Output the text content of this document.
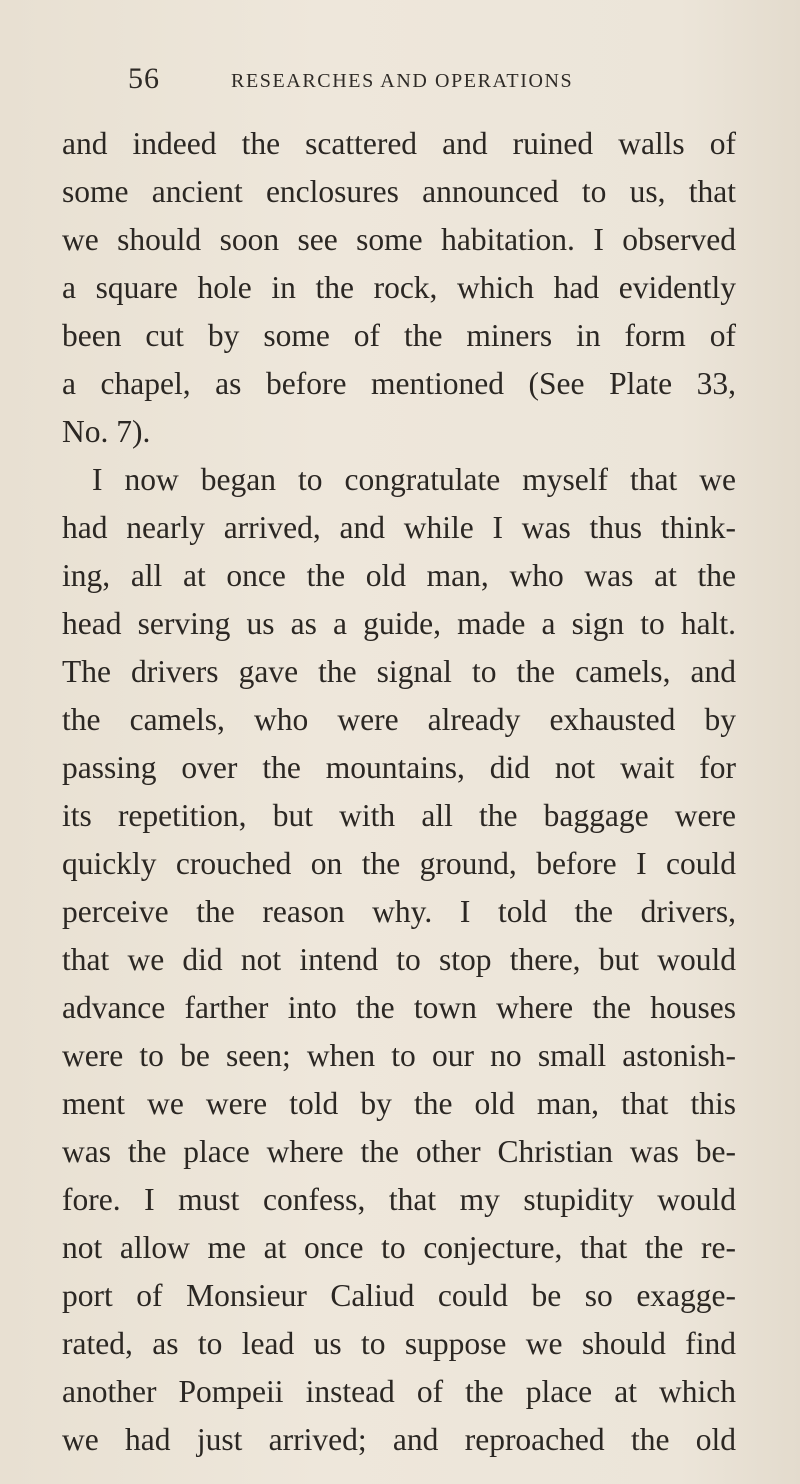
56	RESEARCHES AND OPERATIONS
and indeed the scattered and ruined walls of
some ancient enclosures announced to us, that
we should soon see some habitation. I observed
a square hole in the rock, which had evidently
been cut by some of the miners in form of
a chapel, as before mentioned (See Plate 33,
No. 7).
I now began to congratulate myself that we
had nearly arrived, and while I was thus think-
ing, all at once the old man, who was at the
head serving us as a guide, made a sign to halt.
The drivers gave the signal to the camels, and
the camels, who were already exhausted by
passing over the mountains, did not wait for
its repetition, but with all the baggage were
quickly crouched on the ground, before I could
perceive the reason why. I told the drivers,
that we did not intend to stop there, but would
advance farther into the town where the houses
were to be seen; when to our no small astonish-
ment we were told by the old man, that this
was the place where the other Christian was be-
fore. I must confess, that my stupidity would
not allow me at once to conjecture, that the re-
port of Monsieur Caliud could be so exagge-
rated, as to lead us to suppose we should find
another Pompeii instead of the place at which
we had just arrived; and reproached the old
